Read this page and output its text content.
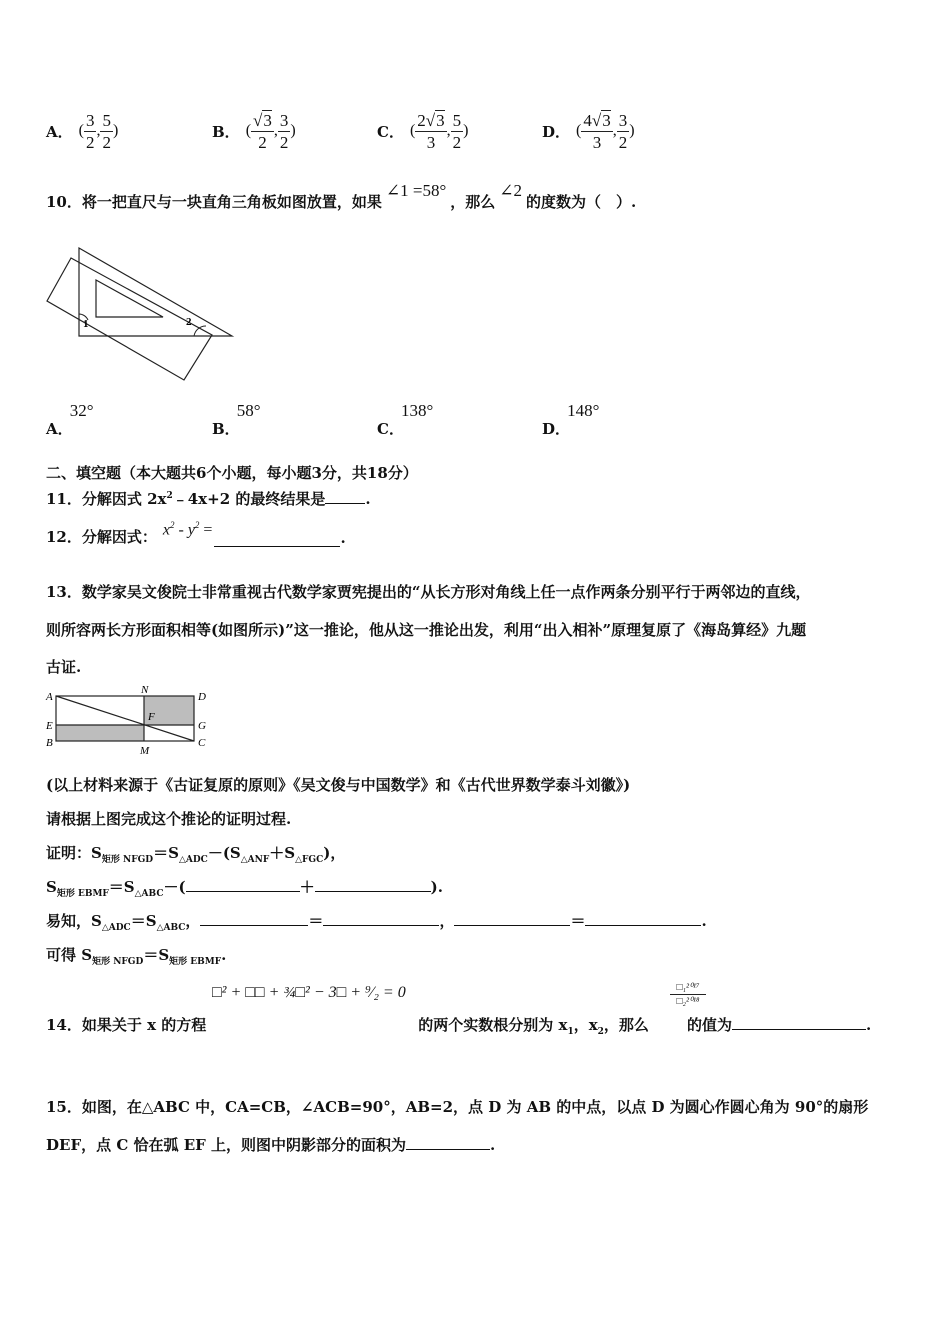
A． ( $\frac{3}{2}$ , $\frac{5}{2}$ )	B． ( $\frac{√3}{2}$ , $\frac{3}{2}$ )	C． ( $\frac{2√3}{3}$ , $\frac{5}{2}$ )	D． ( $\frac{4√3}{3}$ , $\frac{3}{2}$ )
10．将一把直尺与一块直角三角板如图放置，如果
∠1 =58°
，那么
∠2
的度数为（　）.
1	2
A． 32°
B． 58°
C． 138°
D． 148°
二、填空题（本大题共6个小题，每小题3分，共18分）
11．分解因式 $2x^2﹣4x+2$ 的最终结果是	.
12．分解因式： $x^2 - y^2$ =	.
13．数学家吴文俊院士非常重视古代数学家贾宪提出的“从长方形对角线上任一点作两条分别平行于两邻边的直线，
则所容两长方形面积相等(如图所示)”这一推论，他从这一推论出发，利用“出入相补”原理复原了《海岛算经》九题
古证.
A
N
D
E
F
G
B
M
C
(以上材料来源于《古证复原的原则》《吴文俊与中国数学》和《古代世界数学泰斗刘徽》)
请根据上图完成这个推论的证明过程.
证明：$S_{矩形 NFGD}=S_{\triangle ADC}-(S_{\triangle ANF}+S_{\triangle FGC})$，
$S_{矩形 EBMF}=S_{\triangle ABC}-$(	＋	).
易知，$S_{\triangle ADC}=S_{\triangle ABC}$，	＝	，	＝	.
可得 $S_{矩形 NFGD}=S_{矩形 EBMF}$.
□² + □□ + ¾□² − 3□ + ⁹⁄₂ = 0	□₁²⁰¹⁷
□₂²⁰¹⁸
14．如果关于 x 的方程	的两个实数根分别为 $x_1$，$x_2$，那么	的值为	.
15．如图，在△ABC 中，CA=CB，∠ACB=90°，AB=2，点 D 为 AB 的中点，以点 D 为圆心作圆心角为 90°的扇形
DEF，点 C 恰在弧 EF 上，则图中阴影部分的面积为	.
